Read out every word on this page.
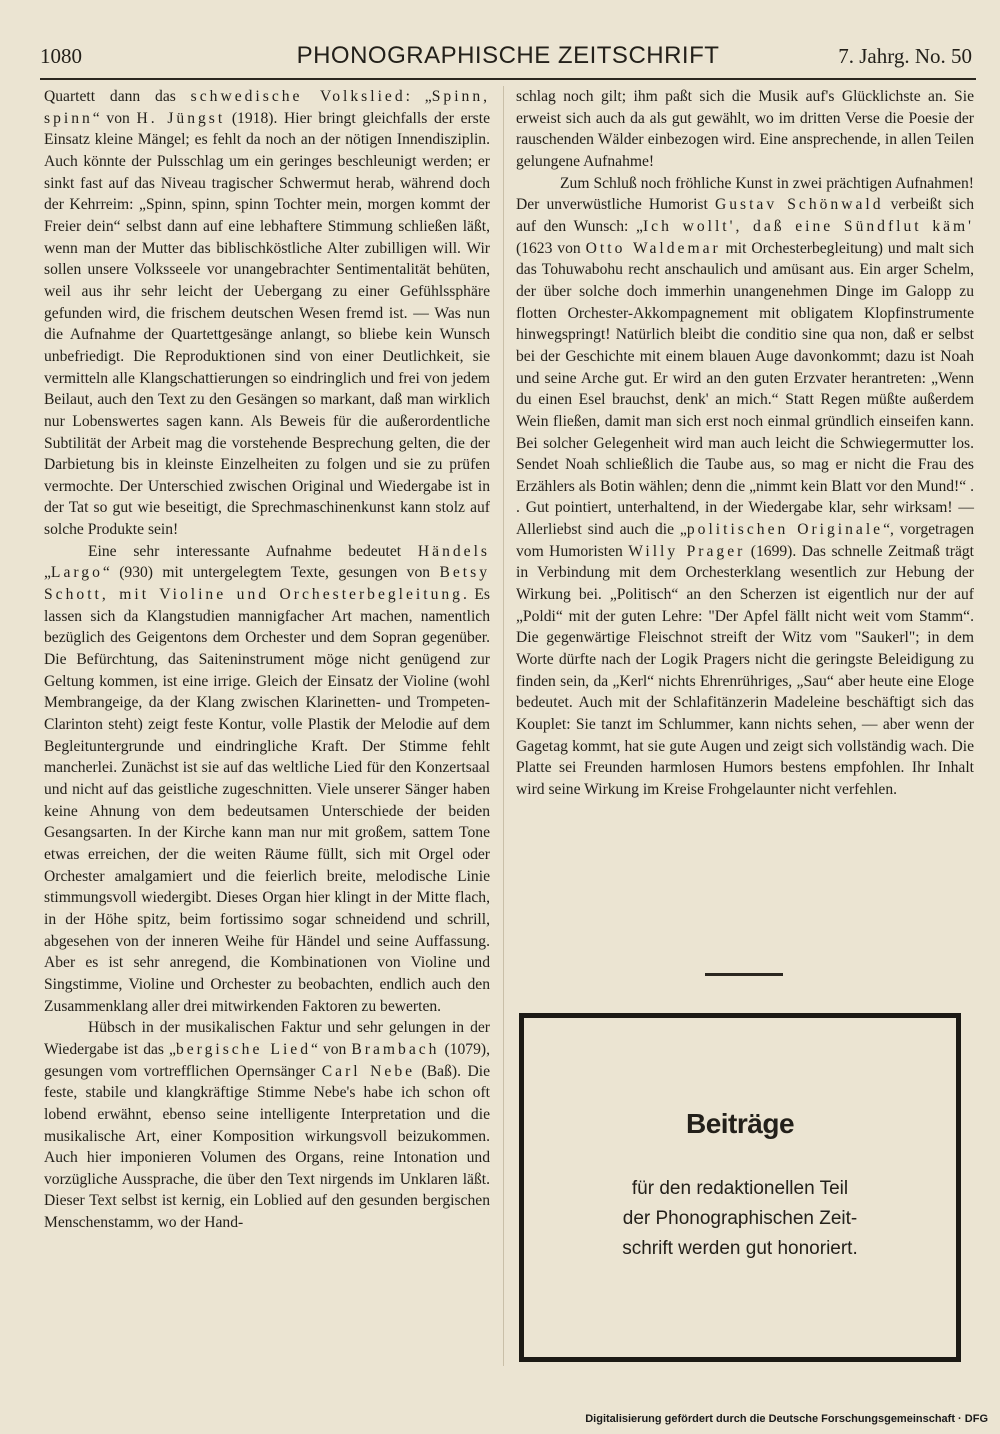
1080	PHONOGRAPHISCHE ZEITSCHRIFT	7. Jahrg. No. 50

Quartett dann das schwedische Volkslied: „Spinn, spinn“ von H. Jüngst (1918). Hier bringt gleichfalls der erste Einsatz kleine Mängel; es fehlt da noch an der nötigen Innendisziplin. Auch könnte der Pulsschlag um ein geringes beschleunigt werden; er sinkt fast auf das Niveau tragischer Schwermut herab, während doch der Kehrreim: „Spinn, spinn, spinn Tochter mein, morgen kommt der Freier dein“ selbst dann auf eine lebhaftere Stimmung schließen läßt, wenn man der Mutter das biblischköstliche Alter zubilligen will. Wir sollen unsere Volksseele vor unangebrachter Sentimentalität behüten, weil aus ihr sehr leicht der Uebergang zu einer Gefühlssphäre gefunden wird, die frischem deutschen Wesen fremd ist. — Was nun die Aufnahme der Quartettgesänge anlangt, so bliebe kein Wunsch unbefriedigt. Die Reproduktionen sind von einer Deutlichkeit, sie vermitteln alle Klangschattierungen so eindringlich und frei von jedem Beilaut, auch den Text zu den Gesängen so markant, daß man wirklich nur Lobenswertes sagen kann. Als Beweis für die außerordentliche Subtilität der Arbeit mag die vorstehende Besprechung gelten, die der Darbietung bis in kleinste Einzelheiten zu folgen und sie zu prüfen vermochte. Der Unterschied zwischen Original und Wiedergabe ist in der Tat so gut wie beseitigt, die Sprechmaschinenkunst kann stolz auf solche Produkte sein!

Eine sehr interessante Aufnahme bedeutet Händels „Largo“ (930) mit untergelegtem Texte, gesungen von Betsy Schott, mit Violine und Orchesterbegleitung. Es lassen sich da Klangstudien mannigfacher Art machen, namentlich bezüglich des Geigentons dem Orchester und dem Sopran gegenüber. Die Befürchtung, das Saiteninstrument möge nicht genügend zur Geltung kommen, ist eine irrige. Gleich der Einsatz der Violine (wohl Membrangeige, da der Klang zwischen Klarinetten- und Trompeten-Clarinton steht) zeigt feste Kontur, volle Plastik der Melodie auf dem Begleituntergrunde und eindringliche Kraft. Der Stimme fehlt mancherlei. Zunächst ist sie auf das weltliche Lied für den Konzertsaal und nicht auf das geistliche zugeschnitten. Viele unserer Sänger haben keine Ahnung von dem bedeutsamen Unterschiede der beiden Gesangsarten. In der Kirche kann man nur mit großem, sattem Tone etwas erreichen, der die weiten Räume füllt, sich mit Orgel oder Orchester amalgamiert und die feierlich breite, melodische Linie stimmungsvoll wiedergibt. Dieses Organ hier klingt in der Mitte flach, in der Höhe spitz, beim fortissimo sogar schneidend und schrill, abgesehen von der inneren Weihe für Händel und seine Auffassung. Aber es ist sehr anregend, die Kombinationen von Violine und Singstimme, Violine und Orchester zu beobachten, endlich auch den Zusammenklang aller drei mitwirkenden Faktoren zu bewerten.

Hübsch in der musikalischen Faktur und sehr gelungen in der Wiedergabe ist das „bergische Lied“ von Brambach (1079), gesungen vom vortrefflichen Opernsänger Carl Nebe (Baß). Die feste, stabile und klangkräftige Stimme Nebe's habe ich schon oft lobend erwähnt, ebenso seine intelligente Interpretation und die musikalische Art, einer Komposition wirkungsvoll beizukommen. Auch hier imponieren Volumen des Organs, reine Intonation und vorzügliche Aussprache, die über den Text nirgends im Unklaren läßt. Dieser Text selbst ist kernig, ein Loblied auf den gesunden bergischen Menschenstamm, wo der Hand-

schlag noch gilt; ihm paßt sich die Musik auf's Glücklichste an. Sie erweist sich auch da als gut gewählt, wo im dritten Verse die Poesie der rauschenden Wälder einbezogen wird. Eine ansprechende, in allen Teilen gelungene Aufnahme!

Zum Schluß noch fröhliche Kunst in zwei prächtigen Aufnahmen! Der unverwüstliche Humorist Gustav Schönwald verbeißt sich auf den Wunsch: „Ich wollt', daß eine Sündflut käm' (1623 von Otto Waldemar mit Orchesterbegleitung) und malt sich das Tohuwabohu recht anschaulich und amüsant aus. Ein arger Schelm, der über solche doch immerhin unangenehmen Dinge im Galopp zu flotten Orchester-Akkompagnement mit obligatem Klopfinstrumente hinwegspringt! Natürlich bleibt die conditio sine qua non, daß er selbst bei der Geschichte mit einem blauen Auge davonkommt; dazu ist Noah und seine Arche gut. Er wird an den guten Erzvater herantreten: „Wenn du einen Esel brauchst, denk' an mich.“ Statt Regen müßte außerdem Wein fließen, damit man sich erst noch einmal gründlich einseifen kann. Bei solcher Gelegenheit wird man auch leicht die Schwiegermutter los. Sendet Noah schließlich die Taube aus, so mag er nicht die Frau des Erzählers als Botin wählen; denn die „nimmt kein Blatt vor den Mund!“ . . Gut pointiert, unterhaltend, in der Wiedergabe klar, sehr wirksam! — Allerliebst sind auch die „politischen Originale“, vorgetragen vom Humoristen Willy Prager (1699). Das schnelle Zeitmaß trägt in Verbindung mit dem Orchesterklang wesentlich zur Hebung der Wirkung bei. „Politisch“ an den Scherzen ist eigentlich nur der auf „Poldi“ mit der guten Lehre: "Der Apfel fällt nicht weit vom Stamm“. Die gegenwärtige Fleischnot streift der Witz vom "Saukerl"; in dem Worte dürfte nach der Logik Pragers nicht die geringste Beleidigung zu finden sein, da „Kerl“ nichts Ehrenrühriges, „Sau“ aber heute eine Eloge bedeutet. Auch mit der Schlafitänzerin Madeleine beschäftigt sich das Kouplet: Sie tanzt im Schlummer, kann nichts sehen, — aber wenn der Gagetag kommt, hat sie gute Augen und zeigt sich vollständig wach. Die Platte sei Freunden harmlosen Humors bestens empfohlen. Ihr Inhalt wird seine Wirkung im Kreise Frohgelaunter nicht verfehlen.

Beiträge
für den redaktionellen Teil
der Phonographischen Zeit-
schrift werden gut honoriert.
Digitalisierung gefördert durch die Deutsche Forschungsgemeinschaft · DFG
